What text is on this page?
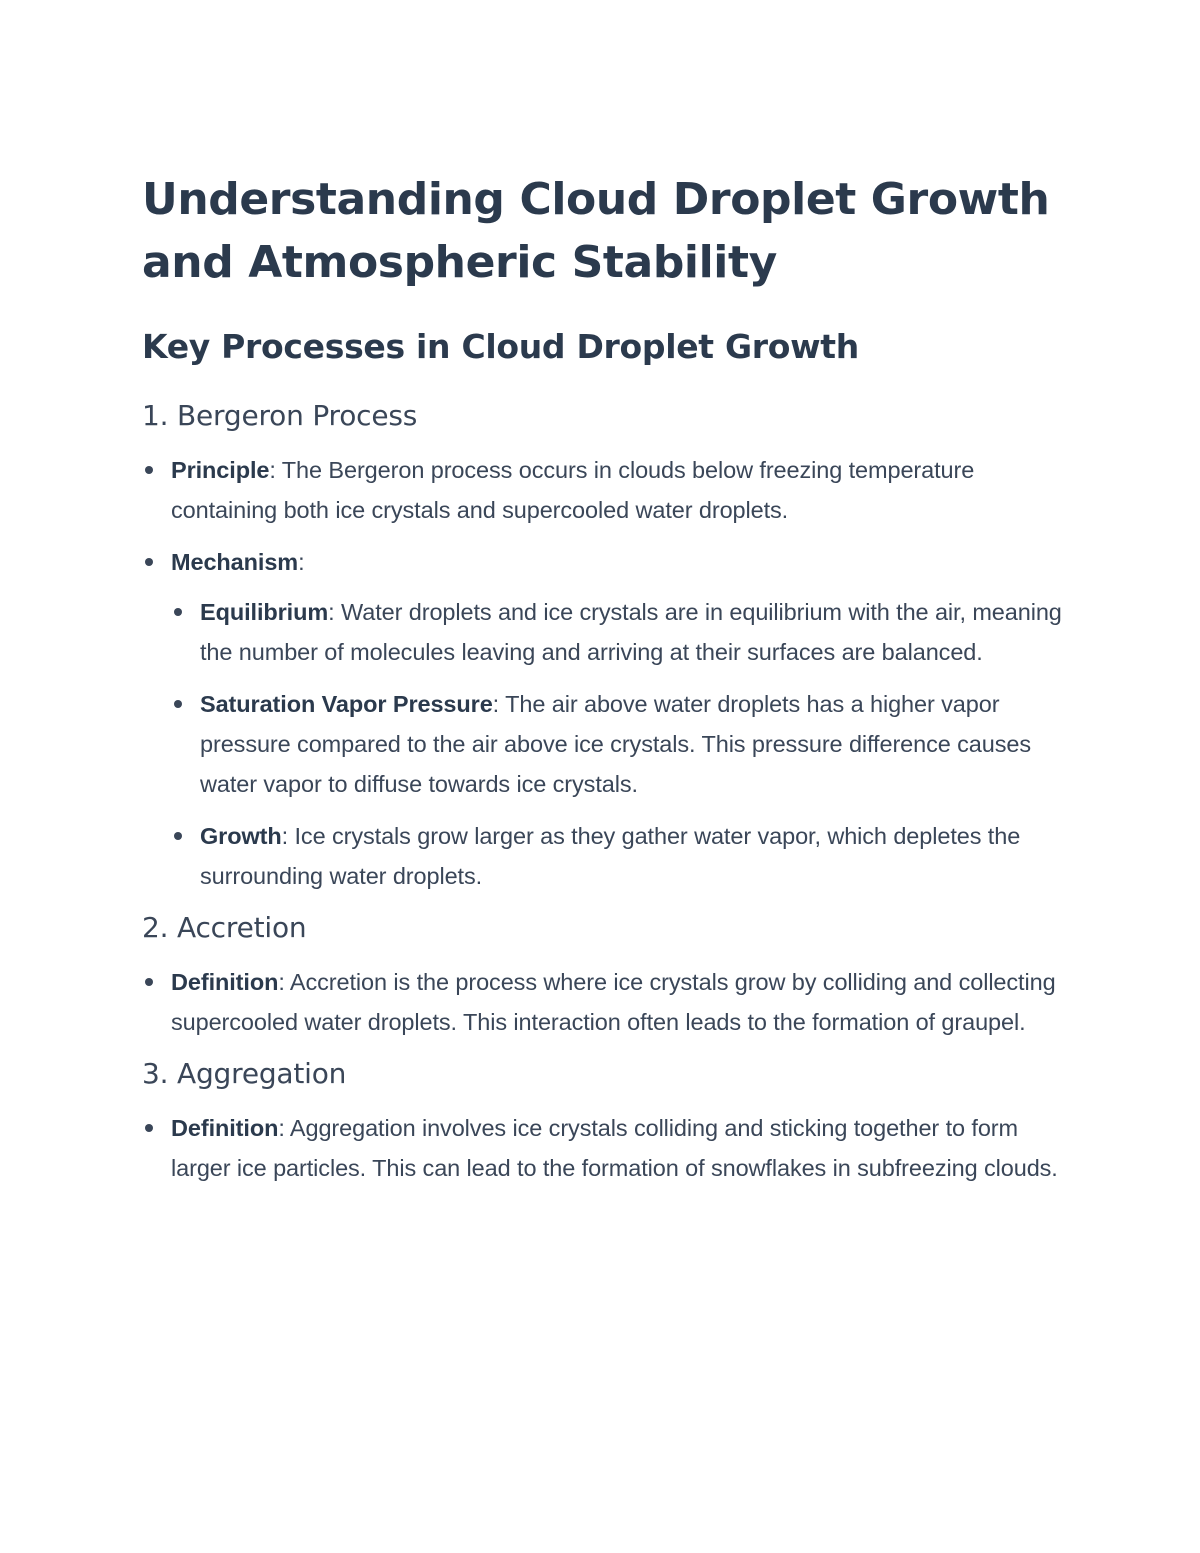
Understanding Cloud Droplet Growth and Atmospheric Stability
Key Processes in Cloud Droplet Growth
1. Bergeron Process
Principle: The Bergeron process occurs in clouds below freezing temperature containing both ice crystals and supercooled water droplets.
Mechanism:
Equilibrium: Water droplets and ice crystals are in equilibrium with the air, meaning the number of molecules leaving and arriving at their surfaces are balanced.
Saturation Vapor Pressure: The air above water droplets has a higher vapor pressure compared to the air above ice crystals. This pressure difference causes water vapor to diffuse towards ice crystals.
Growth: Ice crystals grow larger as they gather water vapor, which depletes the surrounding water droplets.
2. Accretion
Definition: Accretion is the process where ice crystals grow by colliding and collecting supercooled water droplets. This interaction often leads to the formation of graupel.
3. Aggregation
Definition: Aggregation involves ice crystals colliding and sticking together to form larger ice particles. This can lead to the formation of snowflakes in subfreezing clouds.
